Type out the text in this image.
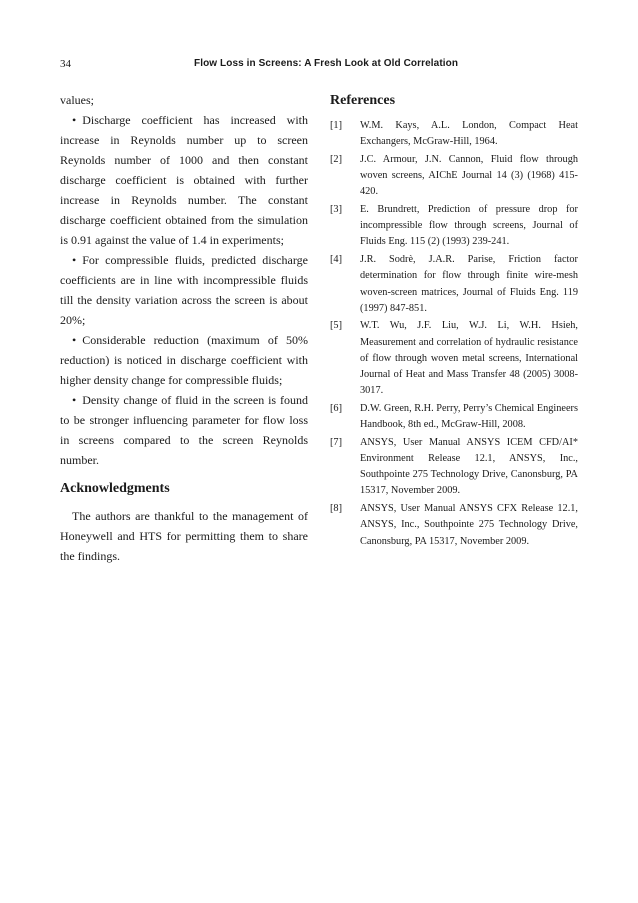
34	Flow Loss in Screens: A Fresh Look at Old Correlation

values;

• Discharge coefficient has increased with increase in Reynolds number up to screen Reynolds number of 1000 and then constant discharge coefficient is obtained with further increase in Reynolds number. The constant discharge coefficient obtained from the simulation is 0.91 against the value of 1.4 in experiments;

• For compressible fluids, predicted discharge coefficients are in line with incompressible fluids till the density variation across the screen is about 20%;

• Considerable reduction (maximum of 50% reduction) is noticed in discharge coefficient with higher density change for compressible fluids;

• Density change of fluid in the screen is found to be stronger influencing parameter for flow loss in screens compared to the screen Reynolds number.

Acknowledgments

The authors are thankful to the management of Honeywell and HTS for permitting them to share the findings.

References
[1] W.M. Kays, A.L. London, Compact Heat Exchangers, McGraw-Hill, 1964.
[2] J.C. Armour, J.N. Cannon, Fluid flow through woven screens, AIChE Journal 14 (3) (1968) 415-420.
[3] E. Brundrett, Prediction of pressure drop for incompressible flow through screens, Journal of Fluids Eng. 115 (2) (1993) 239-241.
[4] J.R. Sodrè, J.A.R. Parise, Friction factor determination for flow through finite wire-mesh woven-screen matrices, Journal of Fluids Eng. 119 (1997) 847-851.
[5] W.T. Wu, J.F. Liu, W.J. Li, W.H. Hsieh, Measurement and correlation of hydraulic resistance of flow through woven metal screens, International Journal of Heat and Mass Transfer 48 (2005) 3008-3017.
[6] D.W. Green, R.H. Perry, Perry’s Chemical Engineers Handbook, 8th ed., McGraw-Hill, 2008.
[7] ANSYS, User Manual ANSYS ICEM CFD/AI* Environment Release 12.1, ANSYS, Inc., Southpointe 275 Technology Drive, Canonsburg, PA 15317, November 2009.
[8] ANSYS, User Manual ANSYS CFX Release 12.1, ANSYS, Inc., Southpointe 275 Technology Drive, Canonsburg, PA 15317, November 2009.
